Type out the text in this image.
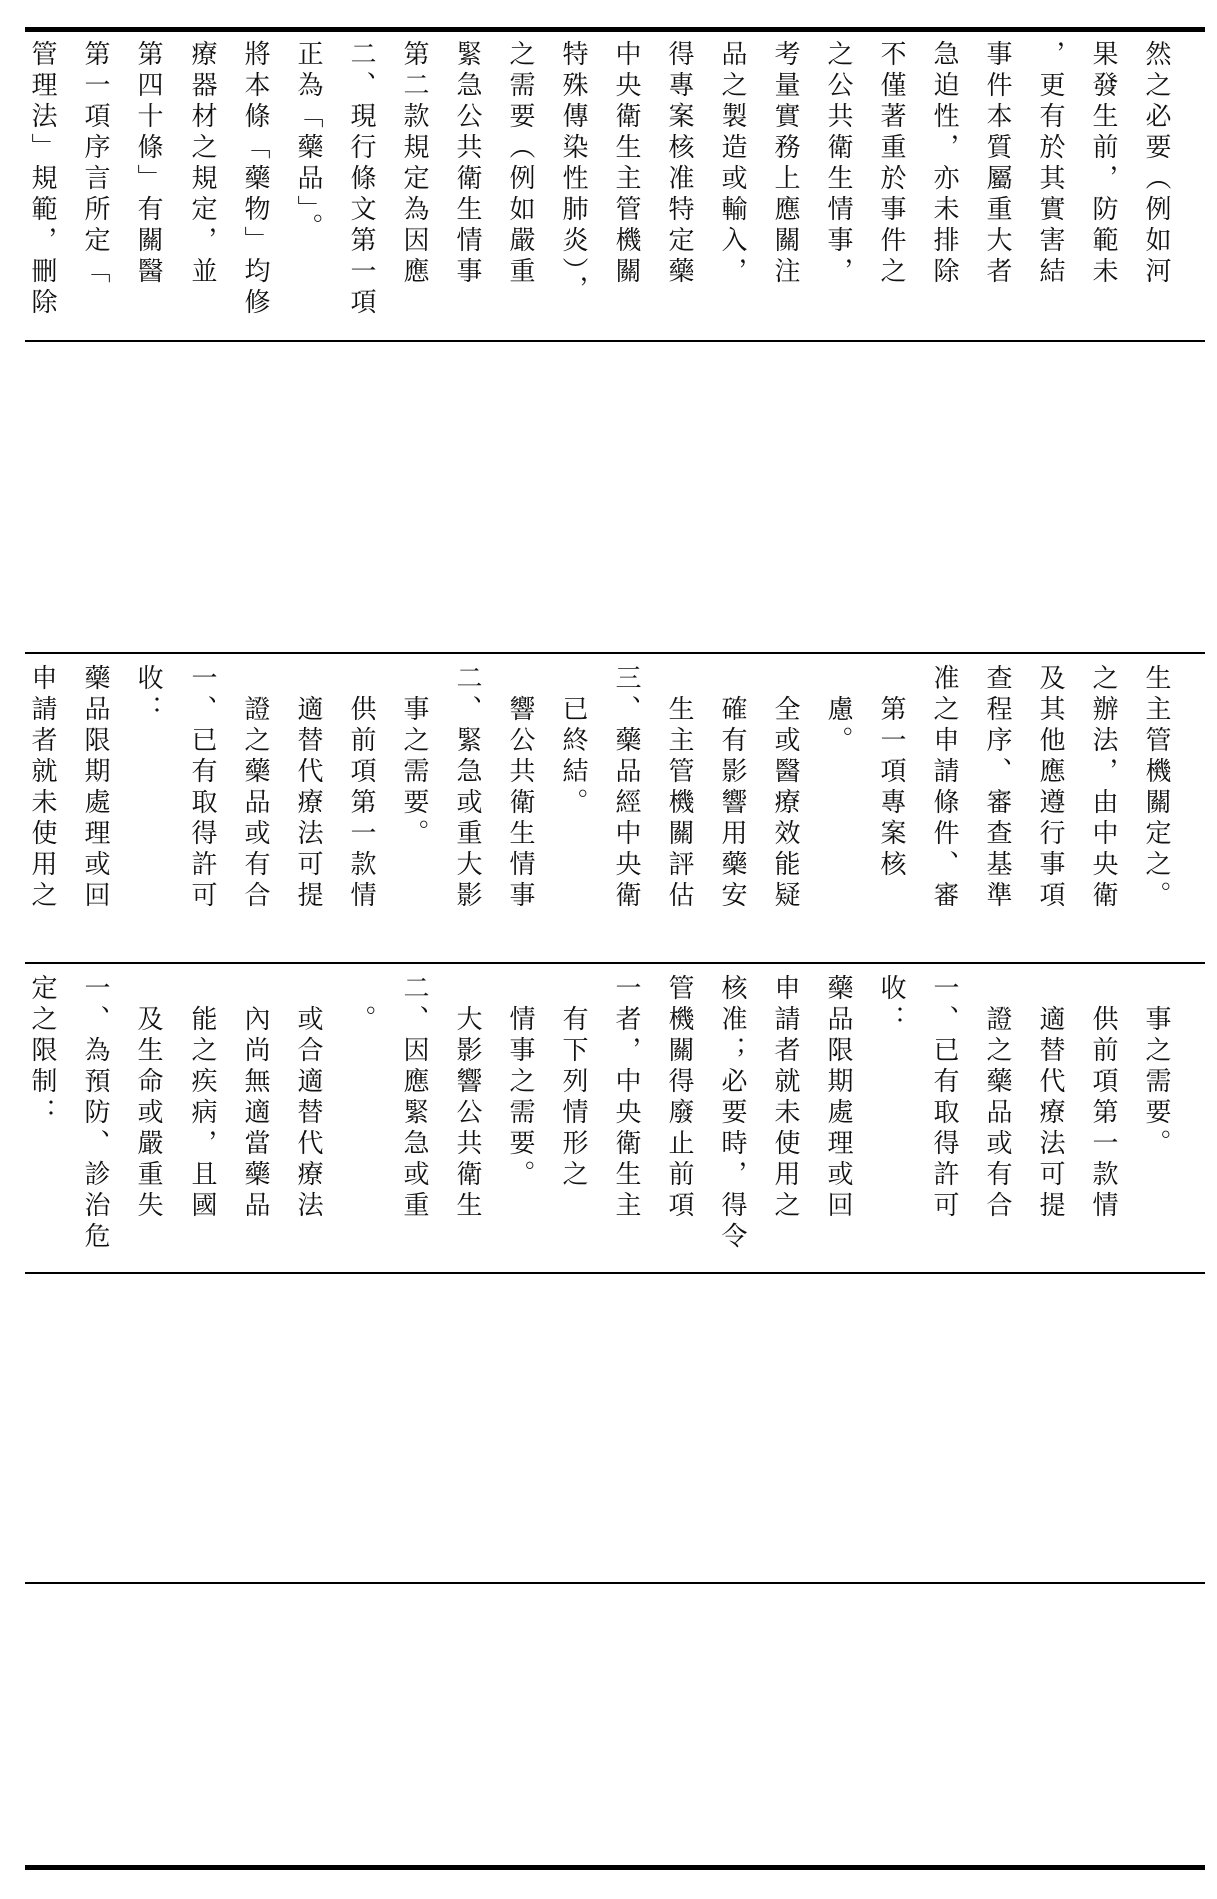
管理法」規範，刪除 第一項序言所定「 第四十條」有關醫 療器材之規定，並 將本條「藥物」均修 正為「藥品」。 二、現行條文第一項 第二款規定為因應 緊急公共衛生情事 之需要（例如嚴重 特殊傳染性肺炎）， 中央衛生主管機關 得專案核准特定藥 品之製造或輸入， 考量實務上應關注 之公共衛生情事， 不僅著重於事件之 急迫性，亦未排除 事件本質屬重大者 ，更有於其實害結 果發生前，防範未 然之必要（例如河
申請者就未使用之 藥品限期處理或回 收： 一、已有取得許可 　證之藥品或有合 　適替代療法可提 　供前項第一款情 　事之需要。 二、緊急或重大影 　響公共衛生情事 　已終結。 三、藥品經中央衛 　生主管機關評估 　確有影響用藥安 　全或醫療效能疑 　慮。 　第一項專案核 准之申請條件、審 查程序、審查基準 及其他應遵行事項 之辦法，由中央衛 生主管機關定之。
定之限制： 一、為預防、診治危 　及生命或嚴重失 　能之疾病，且國 　內尚無適當藥品 　或合適替代療法 　。 二、因應緊急或重 　大影響公共衛生 　情事之需要。 　有下列情形之 一者，中央衛生主 管機關得廢止前項 核准；必要時，得令 申請者就未使用之 藥品限期處理或回 收： 一、已有取得許可 　證之藥品或有合 　適替代療法可提 　供前項第一款情 　事之需要。
